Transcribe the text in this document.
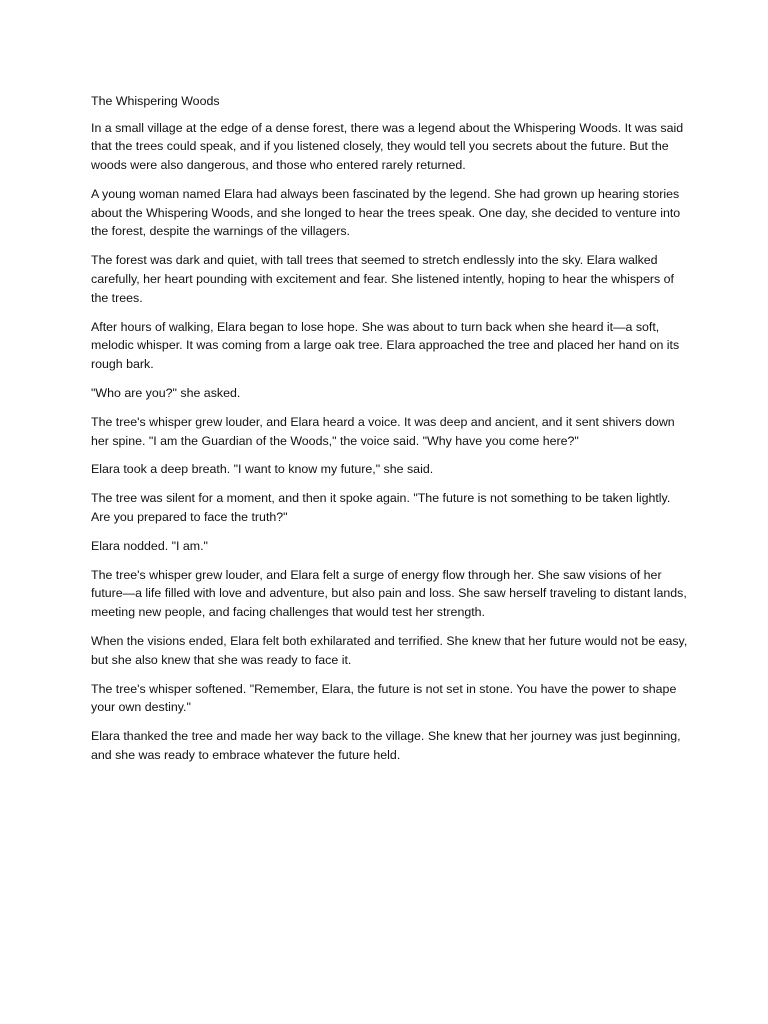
The Whispering Woods

In a small village at the edge of a dense forest, there was a legend about the Whispering Woods. It was said that the trees could speak, and if you listened closely, they would tell you secrets about the future. But the woods were also dangerous, and those who entered rarely returned.

A young woman named Elara had always been fascinated by the legend. She had grown up hearing stories about the Whispering Woods, and she longed to hear the trees speak. One day, she decided to venture into the forest, despite the warnings of the villagers.

The forest was dark and quiet, with tall trees that seemed to stretch endlessly into the sky. Elara walked carefully, her heart pounding with excitement and fear. She listened intently, hoping to hear the whispers of the trees.

After hours of walking, Elara began to lose hope. She was about to turn back when she heard it—a soft, melodic whisper. It was coming from a large oak tree. Elara approached the tree and placed her hand on its rough bark.

"Who are you?" she asked.

The tree's whisper grew louder, and Elara heard a voice. It was deep and ancient, and it sent shivers down her spine. "I am the Guardian of the Woods," the voice said. "Why have you come here?"

Elara took a deep breath. "I want to know my future," she said.

The tree was silent for a moment, and then it spoke again. "The future is not something to be taken lightly. Are you prepared to face the truth?"

Elara nodded. "I am."

The tree's whisper grew louder, and Elara felt a surge of energy flow through her. She saw visions of her future—a life filled with love and adventure, but also pain and loss. She saw herself traveling to distant lands, meeting new people, and facing challenges that would test her strength.

When the visions ended, Elara felt both exhilarated and terrified. She knew that her future would not be easy, but she also knew that she was ready to face it.

The tree's whisper softened. "Remember, Elara, the future is not set in stone. You have the power to shape your own destiny."

Elara thanked the tree and made her way back to the village. She knew that her journey was just beginning, and she was ready to embrace whatever the future held.
